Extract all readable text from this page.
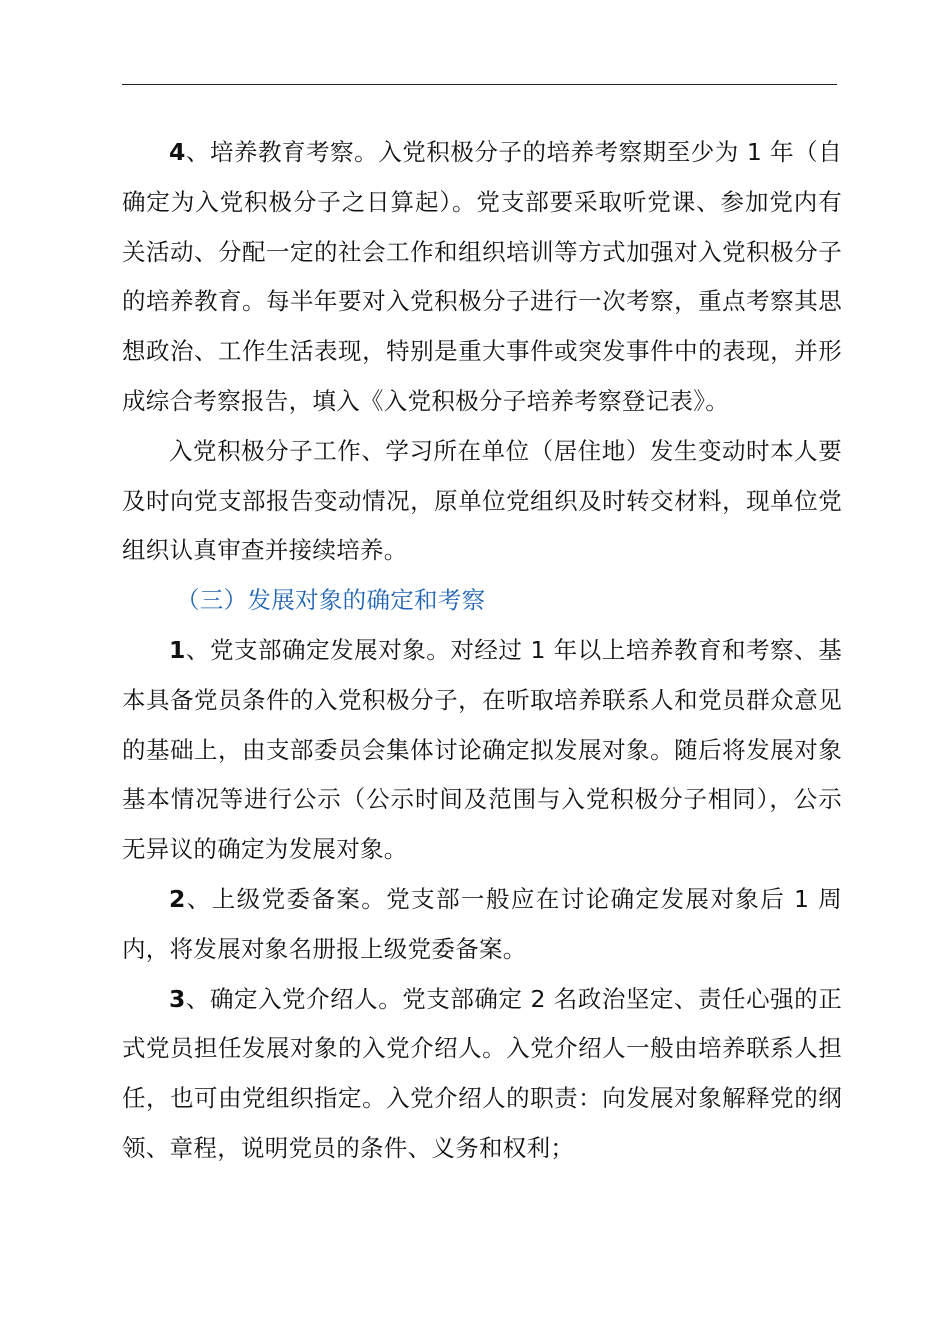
4、培养教育考察。入党积极分子的培养考察期至少为 1 年（自确定为入党积极分子之日算起）。党支部要采取听党课、参加党内有关活动、分配一定的社会工作和组织培训等方式加强对入党积极分子的培养教育。每半年要对入党积极分子进行一次考察，重点考察其思想政治、工作生活表现，特别是重大事件或突发事件中的表现，并形成综合考察报告，填入《入党积极分子培养考察登记表》。

入党积极分子工作、学习所在单位（居住地）发生变动时本人要及时向党支部报告变动情况，原单位党组织及时转交材料，现单位党组织认真审查并接续培养。

（三）发展对象的确定和考察

1、党支部确定发展对象。对经过 1 年以上培养教育和考察、基本具备党员条件的入党积极分子，在听取培养联系人和党员群众意见的基础上，由支部委员会集体讨论确定拟发展对象。随后将发展对象基本情况等进行公示（公示时间及范围与入党积极分子相同），公示无异议的确定为发展对象。

2、上级党委备案。党支部一般应在讨论确定发展对象后 1 周内，将发展对象名册报上级党委备案。

3、确定入党介绍人。党支部确定 2 名政治坚定、责任心强的正式党员担任发展对象的入党介绍人。入党介绍人一般由培养联系人担任，也可由党组织指定。入党介绍人的职责：向发展对象解释党的纲领、章程，说明党员的条件、义务和权利；
